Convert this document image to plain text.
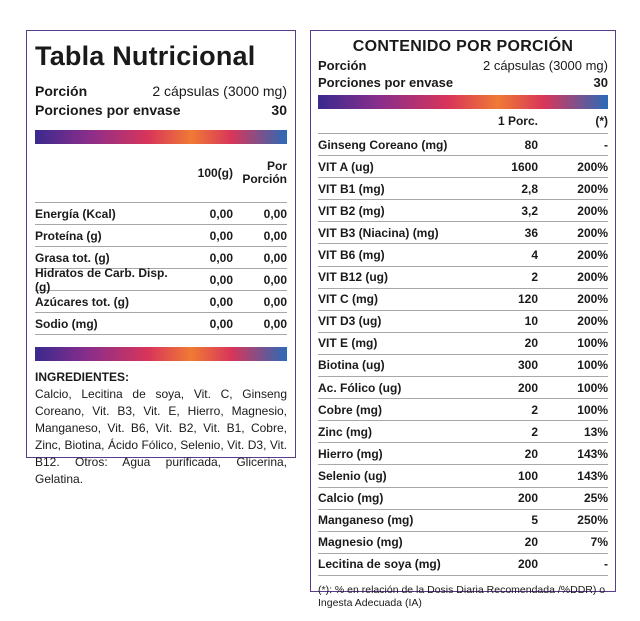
Tabla Nutricional
Porción	2 cápsulas (3000 mg)
Porciones por envase	30
100(g)	Por Porción
Energía (Kcal)	0,00	0,00
Proteína (g)	0,00	0,00
Grasa tot. (g)	0,00	0,00
Hidratos de Carb. Disp. (g)	0,00	0,00
Azúcares tot. (g)	0,00	0,00
Sodio (mg)	0,00	0,00
INGREDIENTES:
Calcio, Lecitina de soya, Vit. C, Ginseng Coreano, Vit. B3, Vit. E, Hierro, Magnesio, Manganeso, Vit. B6, Vit. B2, Vit. B1, Cobre, Zinc, Biotina, Ácido Fólico, Selenio, Vit. D3, Vit. B12. Otros: Agua purificada, Glicerina, Gelatina.
CONTENIDO POR PORCIÓN
Porción	2 cápsulas (3000 mg)
Porciones por envase	30
1 Porc.	(*)
Ginseng Coreano (mg)	80	-
VIT A (ug)	1600	200%
VIT B1 (mg)	2,8	200%
VIT B2 (mg)	3,2	200%
VIT B3 (Niacina) (mg)	36	200%
VIT B6 (mg)	4	200%
VIT B12 (ug)	2	200%
VIT C (mg)	120	200%
VIT D3 (ug)	10	200%
VIT E (mg)	20	100%
Biotina (ug)	300	100%
Ac. Fólico (ug)	200	100%
Cobre (mg)	2	100%
Zinc (mg)	2	13%
Hierro (mg)	20	143%
Selenio (ug)	100	143%
Calcio (mg)	200	25%
Manganeso (mg)	5	250%
Magnesio (mg)	20	7%
Lecitina de soya (mg)	200	-
(*): % en relación de la Dosis Diaria Recomendada /%DDR) o Ingesta Adecuada (IA)
